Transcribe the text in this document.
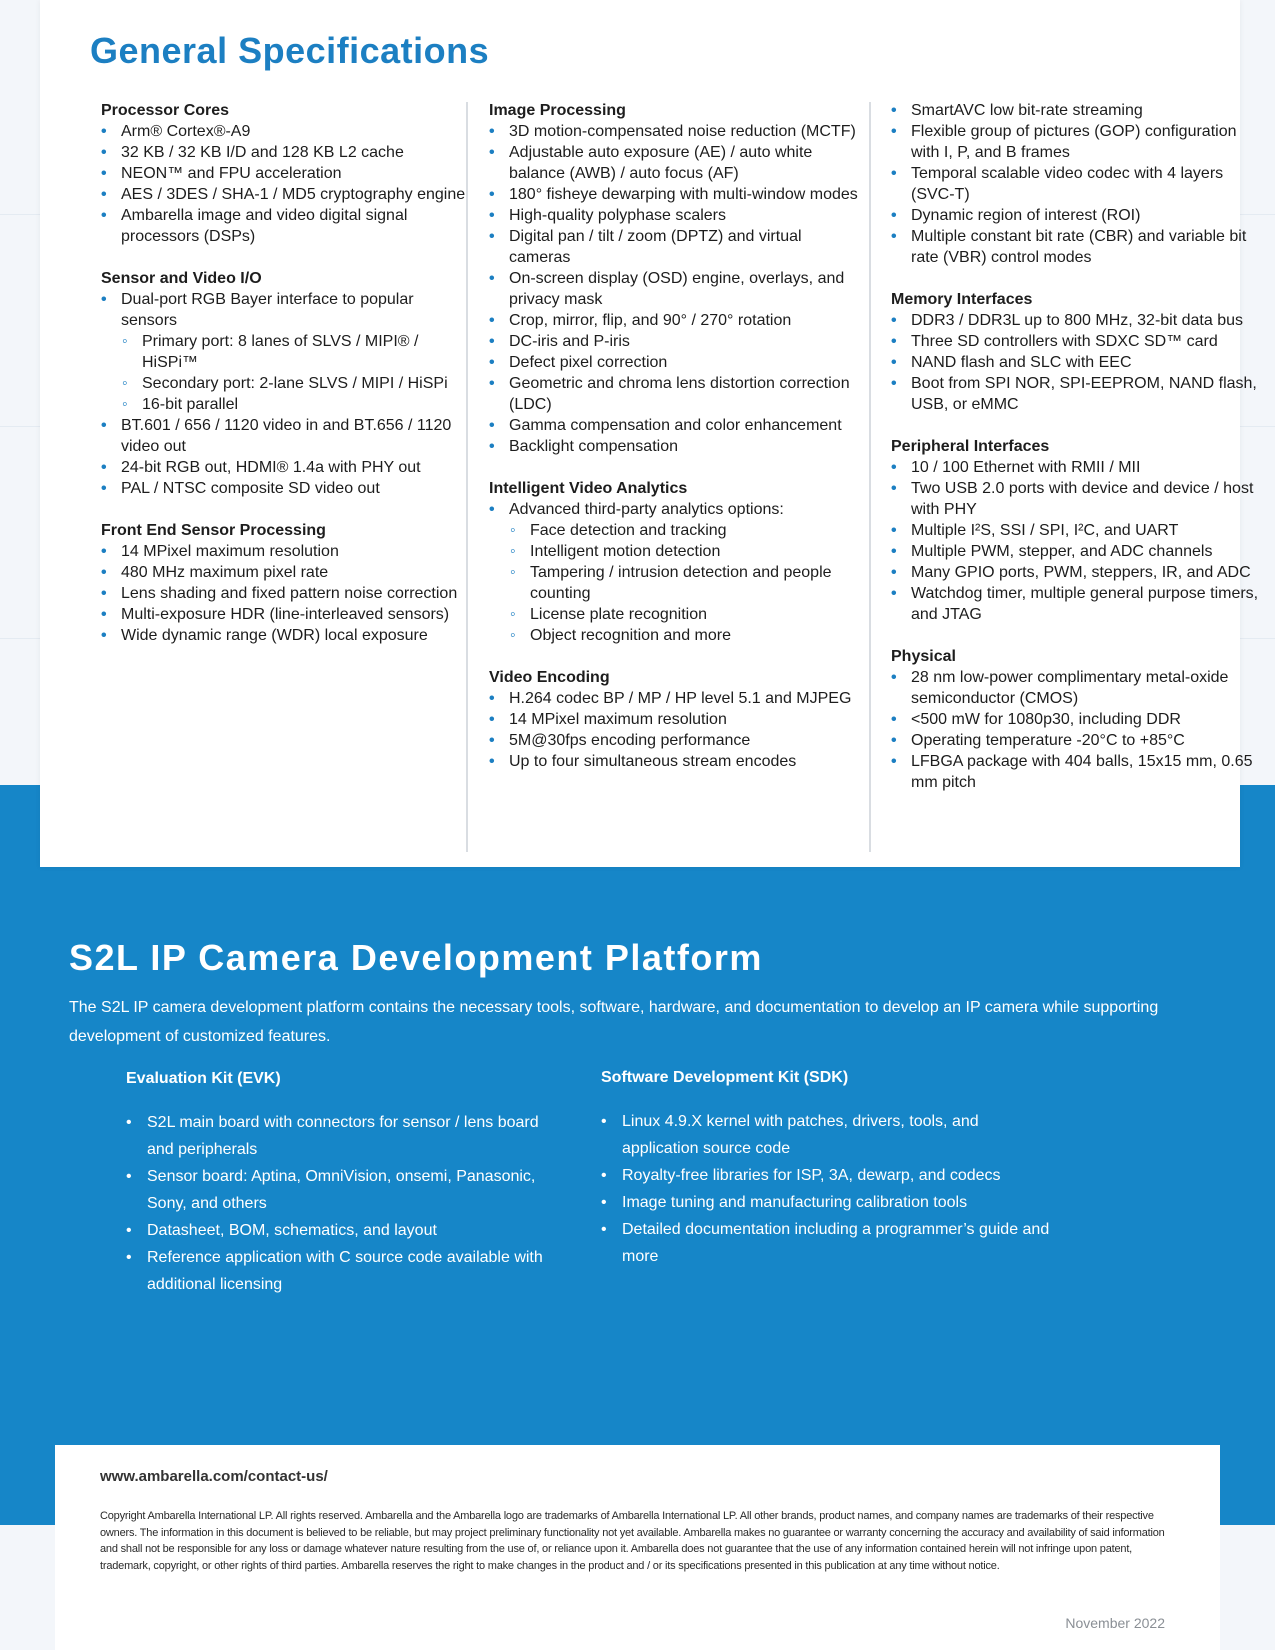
General Specifications
Processor Cores
• Arm® Cortex®-A9
• 32 KB / 32 KB I/D and 128 KB L2 cache
• NEON™ and FPU acceleration
• AES / 3DES / SHA-1 / MD5 cryptography engine
• Ambarella image and video digital signal processors (DSPs)
Sensor and Video I/O
• Dual-port RGB Bayer interface to popular sensors
◦ Primary port: 8 lanes of SLVS / MIPI® / HiSPi™
◦ Secondary port: 2-lane SLVS / MIPI / HiSPi
◦ 16-bit parallel
• BT.601 / 656 / 1120 video in and BT.656 / 1120 video out
• 24-bit RGB out, HDMI® 1.4a with PHY out
• PAL / NTSC composite SD video out
Front End Sensor Processing
• 14 MPixel maximum resolution
• 480 MHz maximum pixel rate
• Lens shading and fixed pattern noise correction
• Multi-exposure HDR (line-interleaved sensors)
• Wide dynamic range (WDR) local exposure
Image Processing
• 3D motion-compensated noise reduction (MCTF)
• Adjustable auto exposure (AE) / auto white balance (AWB) / auto focus (AF)
• 180° fisheye dewarping with multi-window modes
• High-quality polyphase scalers
• Digital pan / tilt / zoom (DPTZ) and virtual cameras
• On-screen display (OSD) engine, overlays, and privacy mask
• Crop, mirror, flip, and 90° / 270° rotation
• DC-iris and P-iris
• Defect pixel correction
• Geometric and chroma lens distortion correction (LDC)
• Gamma compensation and color enhancement
• Backlight compensation
Intelligent Video Analytics
• Advanced third-party analytics options:
◦ Face detection and tracking
◦ Intelligent motion detection
◦ Tampering / intrusion detection and people counting
◦ License plate recognition
◦ Object recognition and more
Video Encoding
• H.264 codec BP / MP / HP level 5.1 and MJPEG
• 14 MPixel maximum resolution
• 5M@30fps encoding performance
• Up to four simultaneous stream encodes
• SmartAVC low bit-rate streaming
• Flexible group of pictures (GOP) configuration with I, P, and B frames
• Temporal scalable video codec with 4 layers (SVC-T)
• Dynamic region of interest (ROI)
• Multiple constant bit rate (CBR) and variable bit rate (VBR) control modes
Memory Interfaces
• DDR3 / DDR3L up to 800 MHz, 32-bit data bus
• Three SD controllers with SDXC SD™ card
• NAND flash and SLC with EEC
• Boot from SPI NOR, SPI-EEPROM, NAND flash, USB, or eMMC
Peripheral Interfaces
• 10 / 100 Ethernet with RMII / MII
• Two USB 2.0 ports with device and device / host with PHY
• Multiple I²S, SSI / SPI, I²C, and UART
• Multiple PWM, stepper, and ADC channels
• Many GPIO ports, PWM, steppers, IR, and ADC
• Watchdog timer, multiple general purpose timers, and JTAG
Physical
• 28 nm low-power complimentary metal-oxide semiconductor (CMOS)
• <500 mW for 1080p30, including DDR
• Operating temperature -20°C to +85°C
• LFBGA package with 404 balls, 15x15 mm, 0.65 mm pitch
S2L IP Camera Development Platform

The S2L IP camera development platform contains the necessary tools, software, hardware, and documentation to develop an IP camera while supporting development of customized features.

Evaluation Kit (EVK)
• S2L main board with connectors for sensor / lens board and peripherals
• Sensor board: Aptina, OmniVision, onsemi, Panasonic, Sony, and others
• Datasheet, BOM, schematics, and layout
• Reference application with C source code available with additional licensing
Software Development Kit (SDK)
• Linux 4.9.X kernel with patches, drivers, tools, and application source code
• Royalty-free libraries for ISP, 3A, dewarp, and codecs
• Image tuning and manufacturing calibration tools
• Detailed documentation including a programmer’s guide and more
www.ambarella.com/contact-us/

Copyright Ambarella International LP. All rights reserved. Ambarella and the Ambarella logo are trademarks of Ambarella International LP. All other brands, product names, and company names are trademarks of their respective owners. The information in this document is believed to be reliable, but may project preliminary functionality not yet available. Ambarella makes no guarantee or warranty concerning the accuracy and availability of said information and shall not be responsible for any loss or damage whatever nature resulting from the use of, or reliance upon it. Ambarella does not guarantee that the use of any information contained herein will not infringe upon patent, trademark, copyright, or other rights of third parties. Ambarella reserves the right to make changes in the product and / or its specifications presented in this publication at any time without notice.

November 2022
